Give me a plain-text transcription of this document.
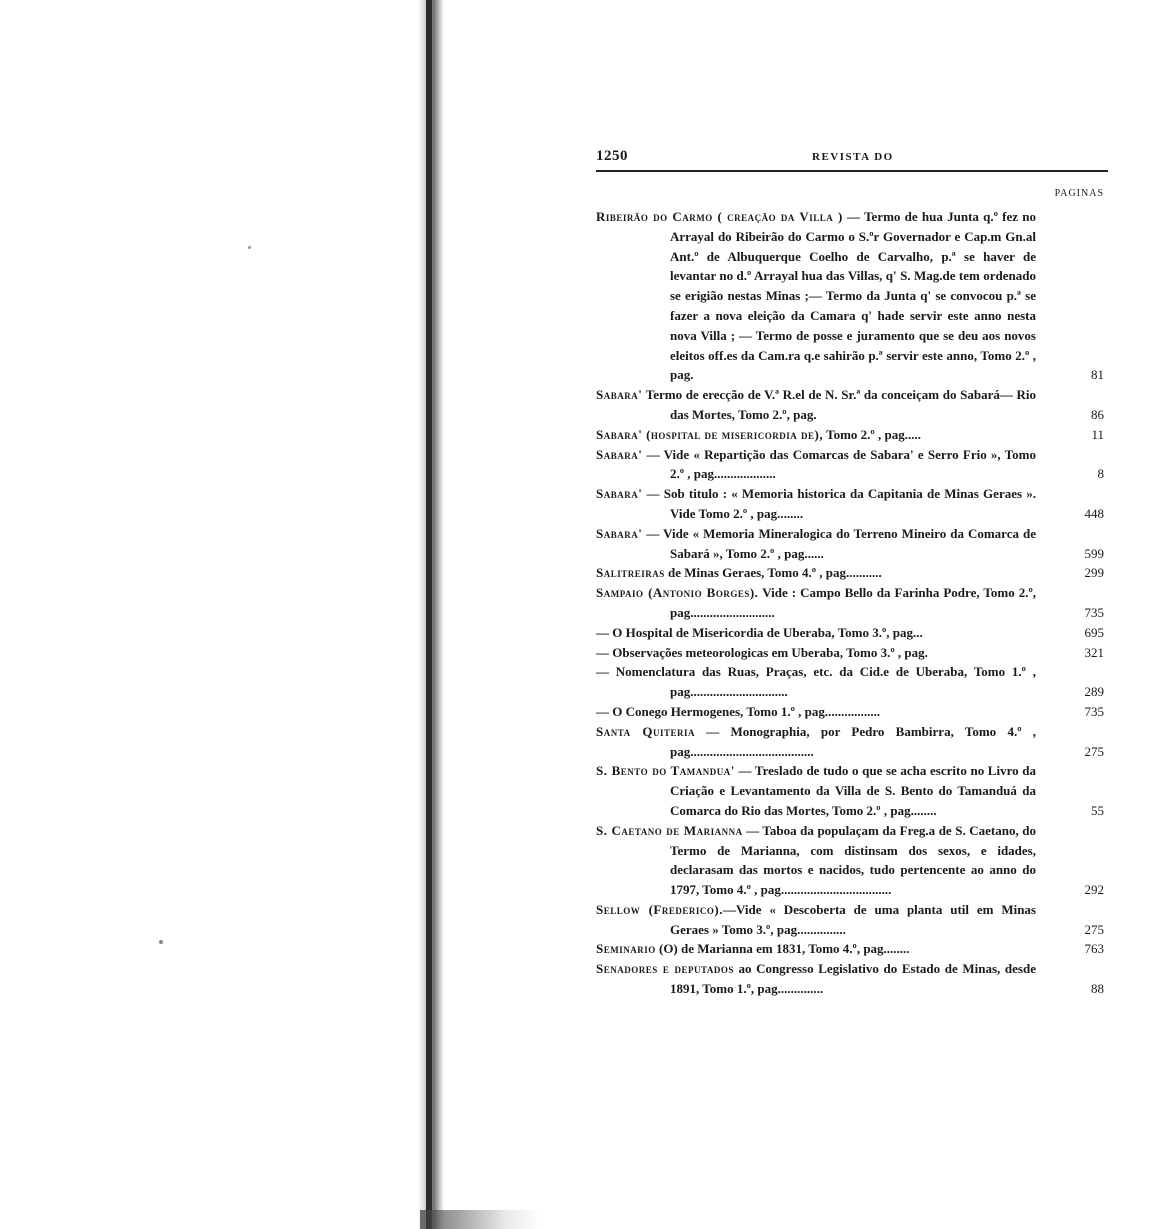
1250	REVISTA DO
PAGINAS
Ribeirão do Carmo ( creação da Villa ) — Termo de hua Junta q.º fez no Arrayal do Ribeirão do Carmo o S.ºr Governador e Cap.m Gn.al Ant.º de Albuquerque Coelho de Carvalho, p.ª se haver de levantar no d.º Arrayal hua das Villas, q' S. Mag.de tem ordenado se erigião nestas Minas ;— Termo da Junta q' se convocou p.ª se fazer a nova eleição da Camara q' hade servir este anno nesta nova Villa ; — Termo de posse e juramento que se deu aos novos eleitos off.es da Cam.ra q.e sahirão p.ª servir este anno, Tomo 2.º , pag.	81
Sabara' Termo de erecção de V.ª R.el de N. Sr.ª da conceiçam do Sabará— Rio das Mortes, Tomo 2.º, pag.	86
Sabara' (hospital de misericordia de), Tomo 2.º , pag.....	11
Sabara' — Vide « Repartição das Comarcas de Sabara' e Serro Frio », Tomo 2.º , pag...................	8
Sabara' — Sob titulo : « Memoria historica da Capitania de Minas Geraes ». Vide Tomo 2.º , pag........	448
Sabara' — Vide « Memoria Mineralogica do Terreno Mineiro da Comarca de Sabará », Tomo 2.º , pag......	599
Salitreiras de Minas Geraes, Tomo 4.º , pag...........	299
Sampaio (Antonio Borges). Vide : Campo Bello da Farinha Podre, Tomo 2.º, pag..........................	735
— O Hospital de Misericordia de Uberaba, Tomo 3.º, pag...	695
— Observações meteorologicas em Uberaba, Tomo 3.º , pag.	321
— Nomenclatura das Ruas, Praças, etc. da Cid.e de Uberaba, Tomo 1.º , pag..............................	289
— O Conego Hermogenes, Tomo 1.º , pag.................	735
Santa Quiteria — Monographia, por Pedro Bambirra, Tomo 4.º , pag......................................	275
S. Bento do Tamandua' — Treslado de tudo o que se acha escrito no Livro da Criação e Levantamento da Villa de S. Bento do Tamanduá da Comarca do Rio das Mortes, Tomo 2.º , pag........	55
S. Caetano de Marianna — Taboa da populaçam da Freg.a de S. Caetano, do Termo de Marianna, com distinsam dos sexos, e idades, declarasam das mortos e nacidos, tudo pertencente ao anno do 1797, Tomo 4.º , pag..................................	292
Sellow (Frederico).—Vide « Descoberta de uma planta util em Minas Geraes » Tomo 3.º, pag...............	275
Seminario (O) de Marianna em 1831, Tomo 4.º, pag........	763
Senadores e deputados ao Congresso Legislativo do Estado de Minas, desde 1891, Tomo 1.º, pag..............	88
